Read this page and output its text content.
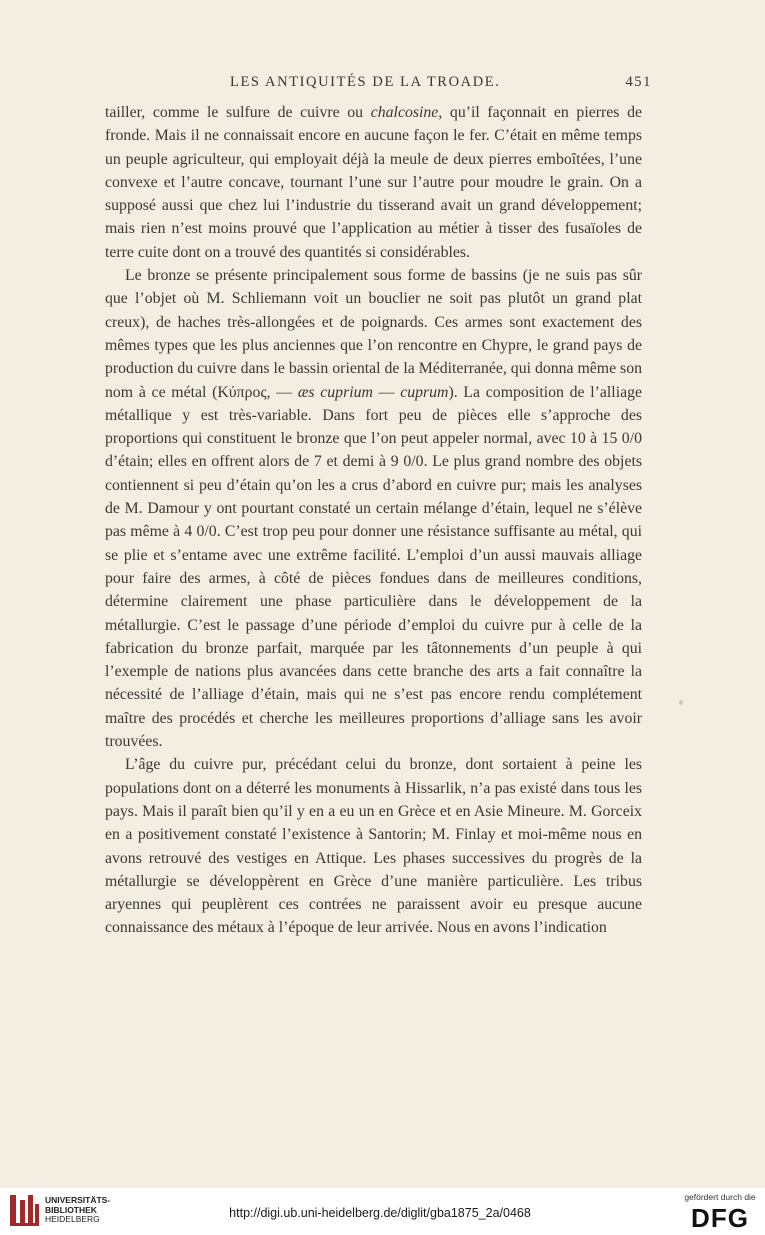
LES ANTIQUITÉS DE LA TROADE.	451

tailler, comme le sulfure de cuivre ou chalcosine, qu’il façonnait en pierres de fronde. Mais il ne connaissait encore en aucune façon le fer. C’était en même temps un peuple agriculteur, qui employait déjà la meule de deux pierres emboîtées, l’une convexe et l’autre concave, tournant l’une sur l’autre pour moudre le grain. On a supposé aussi que chez lui l’industrie du tisserand avait un grand développement; mais rien n’est moins prouvé que l’application au métier à tisser des fusaïoles de terre cuite dont on a trouvé des quantités si considérables.

Le bronze se présente principalement sous forme de bassins (je ne suis pas sûr que l’objet où M. Schliemann voit un bouclier ne soit pas plutôt un grand plat creux), de haches très-allongées et de poignards. Ces armes sont exactement des mêmes types que les plus anciennes que l’on rencontre en Chypre, le grand pays de production du cuivre dans le bassin oriental de la Méditerranée, qui donna même son nom à ce métal (Κύπρος, — æs cuprium — cuprum). La composition de l’alliage métallique y est très-variable. Dans fort peu de pièces elle s’approche des proportions qui constituent le bronze que l’on peut appeler normal, avec 10 à 15 0/0 d’étain; elles en offrent alors de 7 et demi à 9 0/0. Le plus grand nombre des objets contiennent si peu d’étain qu’on les a crus d’abord en cuivre pur; mais les analyses de M. Damour y ont pourtant constaté un certain mélange d’étain, lequel ne s’élève pas même à 4 0/0. C’est trop peu pour donner une résistance suffisante au métal, qui se plie et s’entame avec une extrême facilité. L’emploi d’un aussi mauvais alliage pour faire des armes, à côté de pièces fondues dans de meilleures conditions, détermine clairement une phase particulière dans le développement de la métallurgie. C’est le passage d’une période d’emploi du cuivre pur à celle de la fabrication du bronze parfait, marquée par les tâtonnements d’un peuple à qui l’exemple de nations plus avancées dans cette branche des arts a fait connaître la nécessité de l’alliage d’étain, mais qui ne s’est pas encore rendu complétement maître des procédés et cherche les meilleures proportions d’alliage sans les avoir trouvées.

L’âge du cuivre pur, précédant celui du bronze, dont sortaient à peine les populations dont on a déterré les monuments à Hissarlik, n’a pas existé dans tous les pays. Mais il paraît bien qu’il y en a eu un en Grèce et en Asie Mineure. M. Gorceix en a positivement constaté l’existence à Santorin; M. Finlay et moi-même nous en avons retrouvé des vestiges en Attique. Les phases successives du progrès de la métallurgie se développèrent en Grèce d’une manière particulière. Les tribus aryennes qui peuplèrent ces contrées ne paraissent avoir eu presque aucune connaissance des métaux à l’époque de leur arrivée. Nous en avons l’indication

UNIVERSITÄTS-
BIBLIOTHEK
HEIDELBERG	http://digi.ub.uni-heidelberg.de/diglit/gba1875_2a/0468
gefördert durch die
DFG
